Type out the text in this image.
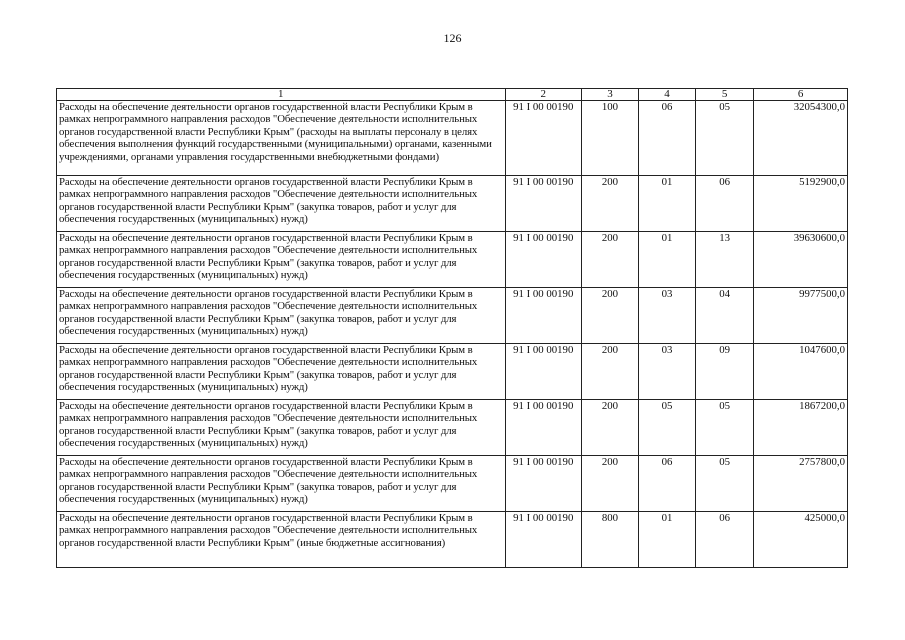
126
1	2	3	4	5	6
Расходы на обеспечение деятельности органов государственной власти Республики Крым в рамках непрограммного направления расходов "Обеспечение деятельности исполнительных органов государственной власти Республики Крым" (расходы на выплаты персоналу в целях обеспечения выполнения функций государственными (муниципальными) органами, казенными учреждениями, органами управления государственными внебюджетными фондами)	91 I 00 00190	100	06	05	32054300,0
Расходы на обеспечение деятельности органов государственной власти Республики Крым в рамках непрограммного направления расходов "Обеспечение деятельности исполнительных органов государственной власти Республики Крым" (закупка товаров, работ и услуг для обеспечения государственных (муниципальных) нужд)	91 I 00 00190	200	01	06	5192900,0
Расходы на обеспечение деятельности органов государственной власти Республики Крым в рамках непрограммного направления расходов "Обеспечение деятельности исполнительных органов государственной власти Республики Крым" (закупка товаров, работ и услуг для обеспечения государственных (муниципальных) нужд)	91 I 00 00190	200	01	13	39630600,0
Расходы на обеспечение деятельности органов государственной власти Республики Крым в рамках непрограммного направления расходов "Обеспечение деятельности исполнительных органов государственной власти Республики Крым" (закупка товаров, работ и услуг для обеспечения государственных (муниципальных) нужд)	91 I 00 00190	200	03	04	9977500,0
Расходы на обеспечение деятельности органов государственной власти Республики Крым в рамках непрограммного направления расходов "Обеспечение деятельности исполнительных органов государственной власти Республики Крым" (закупка товаров, работ и услуг для обеспечения государственных (муниципальных) нужд)	91 I 00 00190	200	03	09	1047600,0
Расходы на обеспечение деятельности органов государственной власти Республики Крым в рамках непрограммного направления расходов "Обеспечение деятельности исполнительных органов государственной власти Республики Крым" (закупка товаров, работ и услуг для обеспечения государственных (муниципальных) нужд)	91 I 00 00190	200	05	05	1867200,0
Расходы на обеспечение деятельности органов государственной власти Республики Крым в рамках непрограммного направления расходов "Обеспечение деятельности исполнительных органов государственной власти Республики Крым" (закупка товаров, работ и услуг для обеспечения государственных (муниципальных) нужд)	91 I 00 00190	200	06	05	2757800,0
Расходы на обеспечение деятельности органов государственной власти Республики Крым в рамках непрограммного направления расходов "Обеспечение деятельности исполнительных органов государственной власти Республики Крым" (иные бюджетные ассигнования)	91 I 00 00190	800	01	06	425000,0
